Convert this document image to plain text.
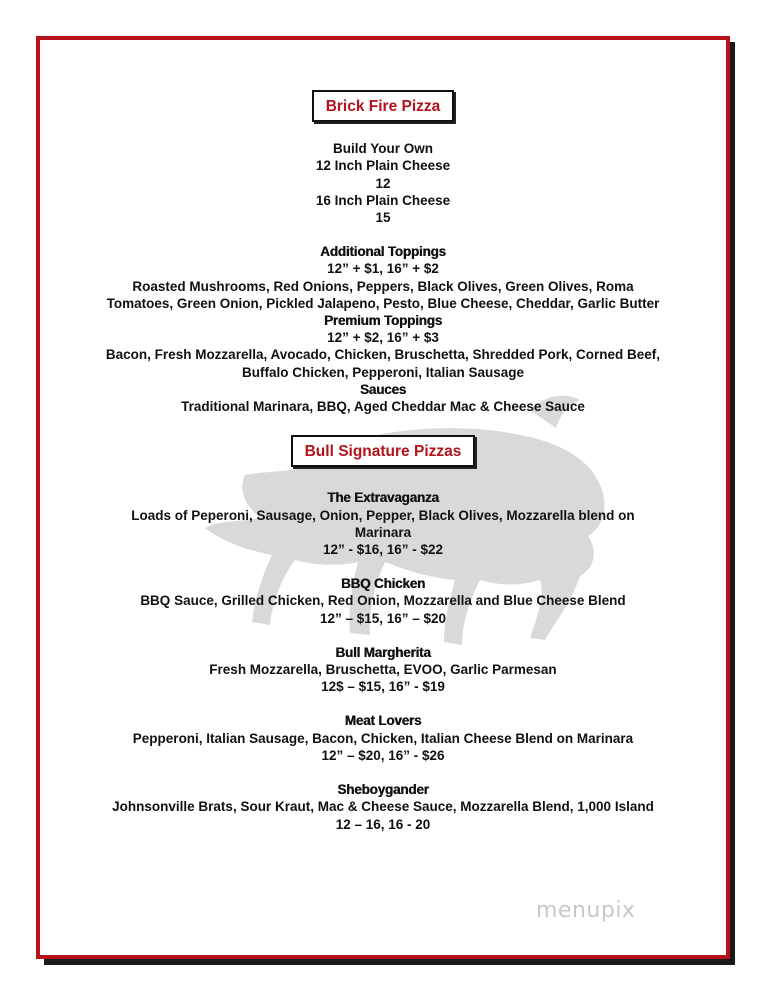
Brick Fire Pizza
Build Your Own
12 Inch Plain Cheese
12
16 Inch Plain Cheese
15
Additional Toppings
12” + $1, 16” + $2
Roasted Mushrooms, Red Onions, Peppers, Black Olives, Green Olives, Roma
Tomatoes, Green Onion, Pickled Jalapeno, Pesto, Blue Cheese, Cheddar, Garlic Butter
Premium Toppings
12” + $2, 16” + $3
Bacon, Fresh Mozzarella, Avocado, Chicken, Bruschetta, Shredded Pork, Corned Beef,
Buffalo Chicken, Pepperoni, Italian Sausage
Sauces
Traditional Marinara, BBQ, Aged Cheddar Mac & Cheese Sauce
Bull Signature Pizzas
The Extravaganza
Loads of Peperoni, Sausage, Onion, Pepper, Black Olives, Mozzarella blend on
Marinara
12” - $16, 16” - $22
BBQ Chicken
BBQ Sauce, Grilled Chicken, Red Onion, Mozzarella and Blue Cheese Blend
12” – $15, 16” – $20
Bull Margherita
Fresh Mozzarella, Bruschetta, EVOO, Garlic Parmesan
12$ – $15, 16” - $19
Meat Lovers
Pepperoni, Italian Sausage, Bacon, Chicken, Italian Cheese Blend on Marinara
12” – $20, 16” - $26
Sheboygander
Johnsonville Brats, Sour Kraut, Mac & Cheese Sauce, Mozzarella Blend, 1,000 Island
12 – 16, 16 - 20
menupix
